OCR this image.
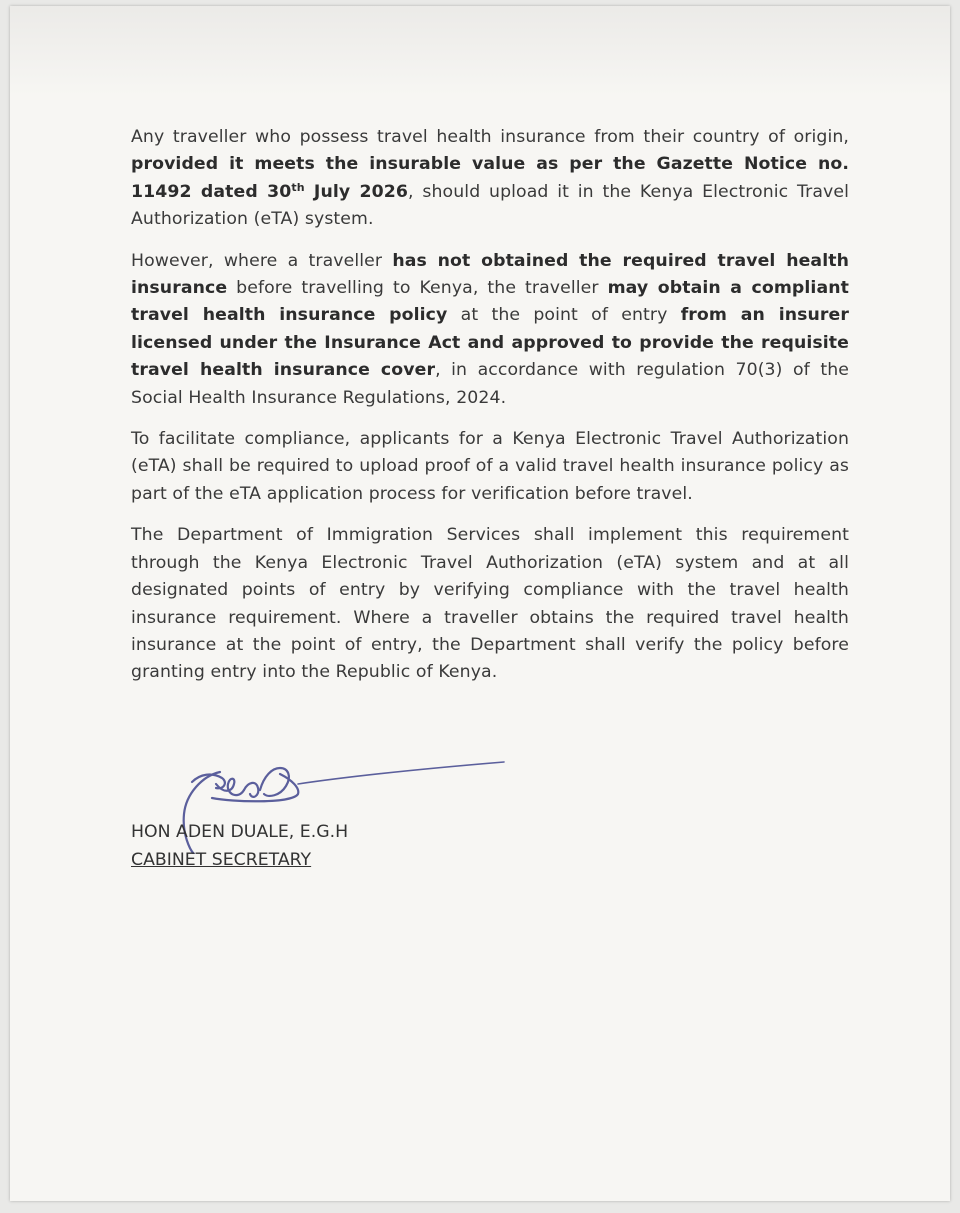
Any traveller who possess travel health insurance from their country of origin, provided it meets the insurable value as per the Gazette Notice no. 11492 dated 30th July 2026, should upload it in the Kenya Electronic Travel Authorization (eTA) system.

However, where a traveller has not obtained the required travel health insurance before travelling to Kenya, the traveller may obtain a compliant travel health insurance policy at the point of entry from an insurer licensed under the Insurance Act and approved to provide the requisite travel health insurance cover, in accordance with regulation 70(3) of the Social Health Insurance Regulations, 2024.

To facilitate compliance, applicants for a Kenya Electronic Travel Authorization (eTA) shall be required to upload proof of a valid travel health insurance policy as part of the eTA application process for verification before travel.

The Department of Immigration Services shall implement this requirement through the Kenya Electronic Travel Authorization (eTA) system and at all designated points of entry by verifying compliance with the travel health insurance requirement. Where a traveller obtains the required travel health insurance at the point of entry, the Department shall verify the policy before granting entry into the Republic of Kenya.

HON ADEN DUALE, E.G.H
CABINET SECRETARY
